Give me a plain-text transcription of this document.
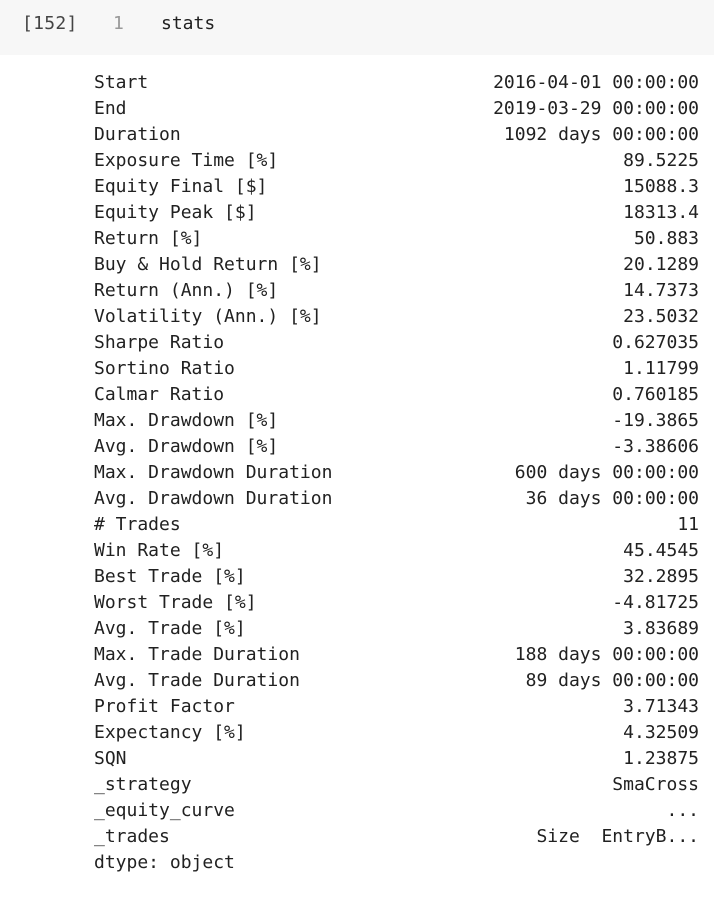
[152] 1 stats
Start	2016-04-01 00:00:00
End	2019-03-29 00:00:00
Duration	1092 days 00:00:00
Exposure Time [%]	89.5225
Equity Final [$]	15088.3
Equity Peak [$]	18313.4
Return [%]	50.883
Buy & Hold Return [%]	20.1289
Return (Ann.) [%]	14.7373
Volatility (Ann.) [%]	23.5032
Sharpe Ratio	0.627035
Sortino Ratio	1.11799
Calmar Ratio	0.760185
Max. Drawdown [%]	-19.3865
Avg. Drawdown [%]	-3.38606
Max. Drawdown Duration	600 days 00:00:00
Avg. Drawdown Duration	36 days 00:00:00
# Trades	11
Win Rate [%]	45.4545
Best Trade [%]	32.2895
Worst Trade [%]	-4.81725
Avg. Trade [%]	3.83689
Max. Trade Duration	188 days 00:00:00
Avg. Trade Duration	89 days 00:00:00
Profit Factor	3.71343
Expectancy [%]	4.32509
SQN	1.23875
_strategy	SmaCross
_equity_curve	...
_trades	Size  EntryB...
dtype: object
